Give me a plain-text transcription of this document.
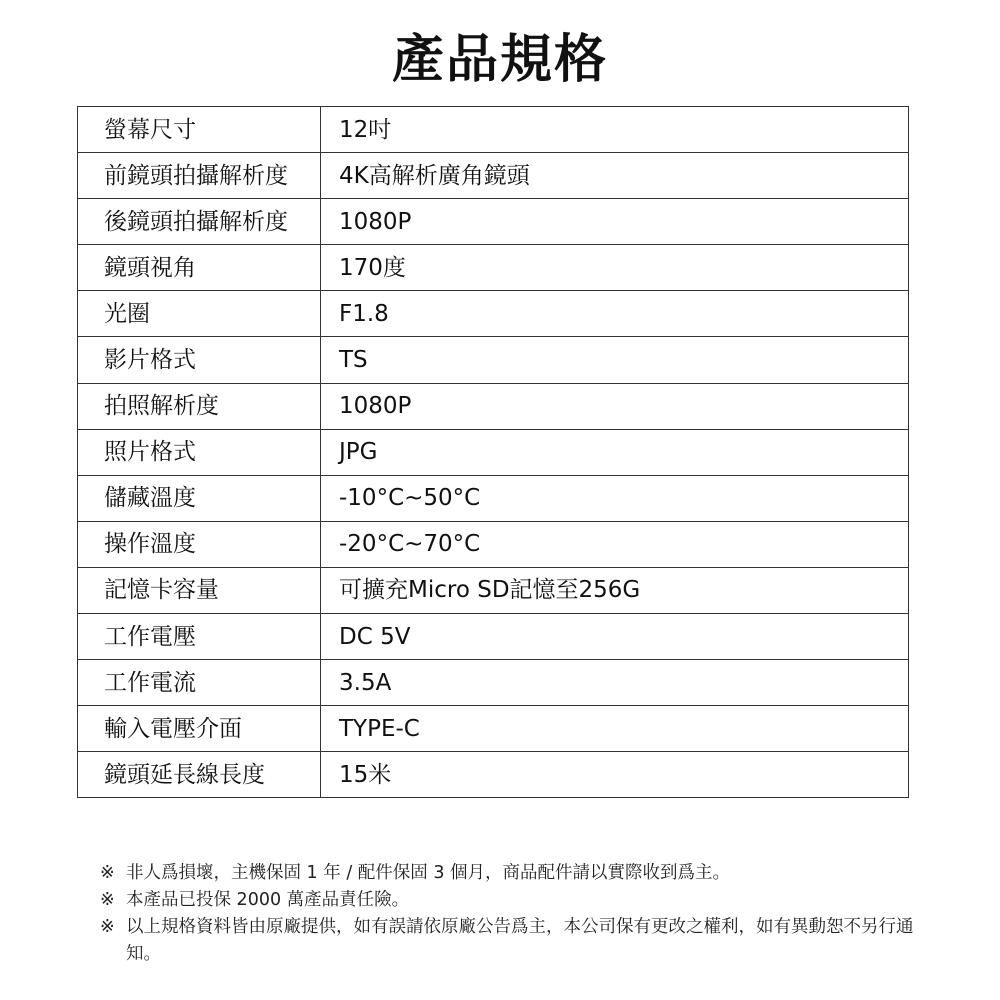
產品規格
螢幕尺寸	12吋
前鏡頭拍攝解析度	4K高解析廣角鏡頭
後鏡頭拍攝解析度	1080P
鏡頭視角	170度
光圈	F1.8
影片格式	TS
拍照解析度	1080P
照片格式	JPG
儲藏溫度	-10°C~50°C
操作溫度	-20°C~70°C
記憶卡容量	可擴充Micro SD記憶至256G
工作電壓	DC 5V
工作電流	3.5A
輸入電壓介面	TYPE-C
鏡頭延長線長度	15米
※ 非人爲損壞，主機保固 1 年 / 配件保固 3 個月，商品配件請以實際收到爲主。
※ 本產品已投保 2000 萬產品責任險。
※ 以上規格資料皆由原廠提供，如有誤請依原廠公告爲主，本公司保有更改之權利，如有異動恕不另行通知。
